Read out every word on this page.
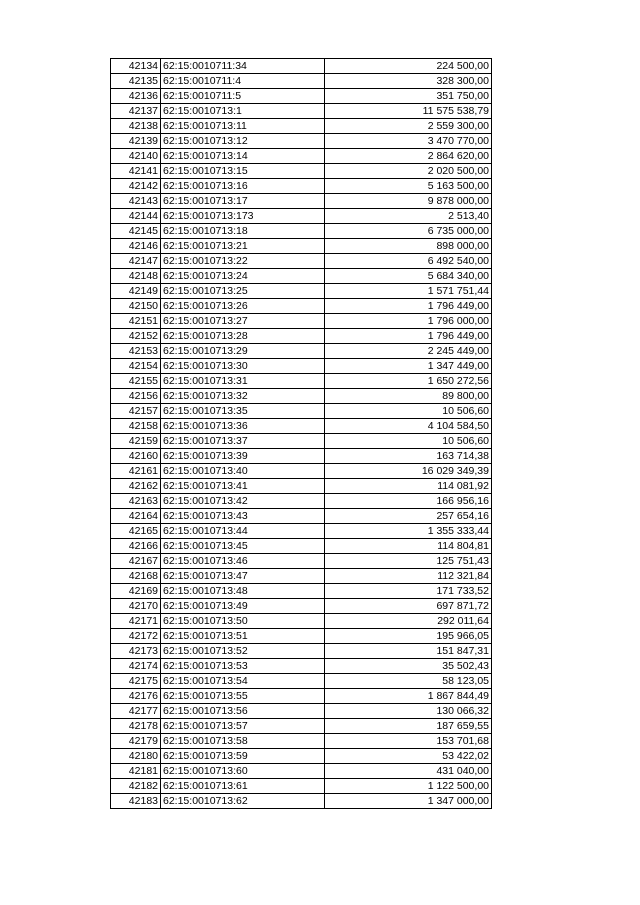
42134	62:15:0010711:34	224 500,00
42135	62:15:0010711:4	328 300,00
42136	62:15:0010711:5	351 750,00
42137	62:15:0010713:1	11 575 538,79
42138	62:15:0010713:11	2 559 300,00
42139	62:15:0010713:12	3 470 770,00
42140	62:15:0010713:14	2 864 620,00
42141	62:15:0010713:15	2 020 500,00
42142	62:15:0010713:16	5 163 500,00
42143	62:15:0010713:17	9 878 000,00
42144	62:15:0010713:173	2 513,40
42145	62:15:0010713:18	6 735 000,00
42146	62:15:0010713:21	898 000,00
42147	62:15:0010713:22	6 492 540,00
42148	62:15:0010713:24	5 684 340,00
42149	62:15:0010713:25	1 571 751,44
42150	62:15:0010713:26	1 796 449,00
42151	62:15:0010713:27	1 796 000,00
42152	62:15:0010713:28	1 796 449,00
42153	62:15:0010713:29	2 245 449,00
42154	62:15:0010713:30	1 347 449,00
42155	62:15:0010713:31	1 650 272,56
42156	62:15:0010713:32	89 800,00
42157	62:15:0010713:35	10 506,60
42158	62:15:0010713:36	4 104 584,50
42159	62:15:0010713:37	10 506,60
42160	62:15:0010713:39	163 714,38
42161	62:15:0010713:40	16 029 349,39
42162	62:15:0010713:41	114 081,92
42163	62:15:0010713:42	166 956,16
42164	62:15:0010713:43	257 654,16
42165	62:15:0010713:44	1 355 333,44
42166	62:15:0010713:45	114 804,81
42167	62:15:0010713:46	125 751,43
42168	62:15:0010713:47	112 321,84
42169	62:15:0010713:48	171 733,52
42170	62:15:0010713:49	697 871,72
42171	62:15:0010713:50	292 011,64
42172	62:15:0010713:51	195 966,05
42173	62:15:0010713:52	151 847,31
42174	62:15:0010713:53	35 502,43
42175	62:15:0010713:54	58 123,05
42176	62:15:0010713:55	1 867 844,49
42177	62:15:0010713:56	130 066,32
42178	62:15:0010713:57	187 659,55
42179	62:15:0010713:58	153 701,68
42180	62:15:0010713:59	53 422,02
42181	62:15:0010713:60	431 040,00
42182	62:15:0010713:61	1 122 500,00
42183	62:15:0010713:62	1 347 000,00
